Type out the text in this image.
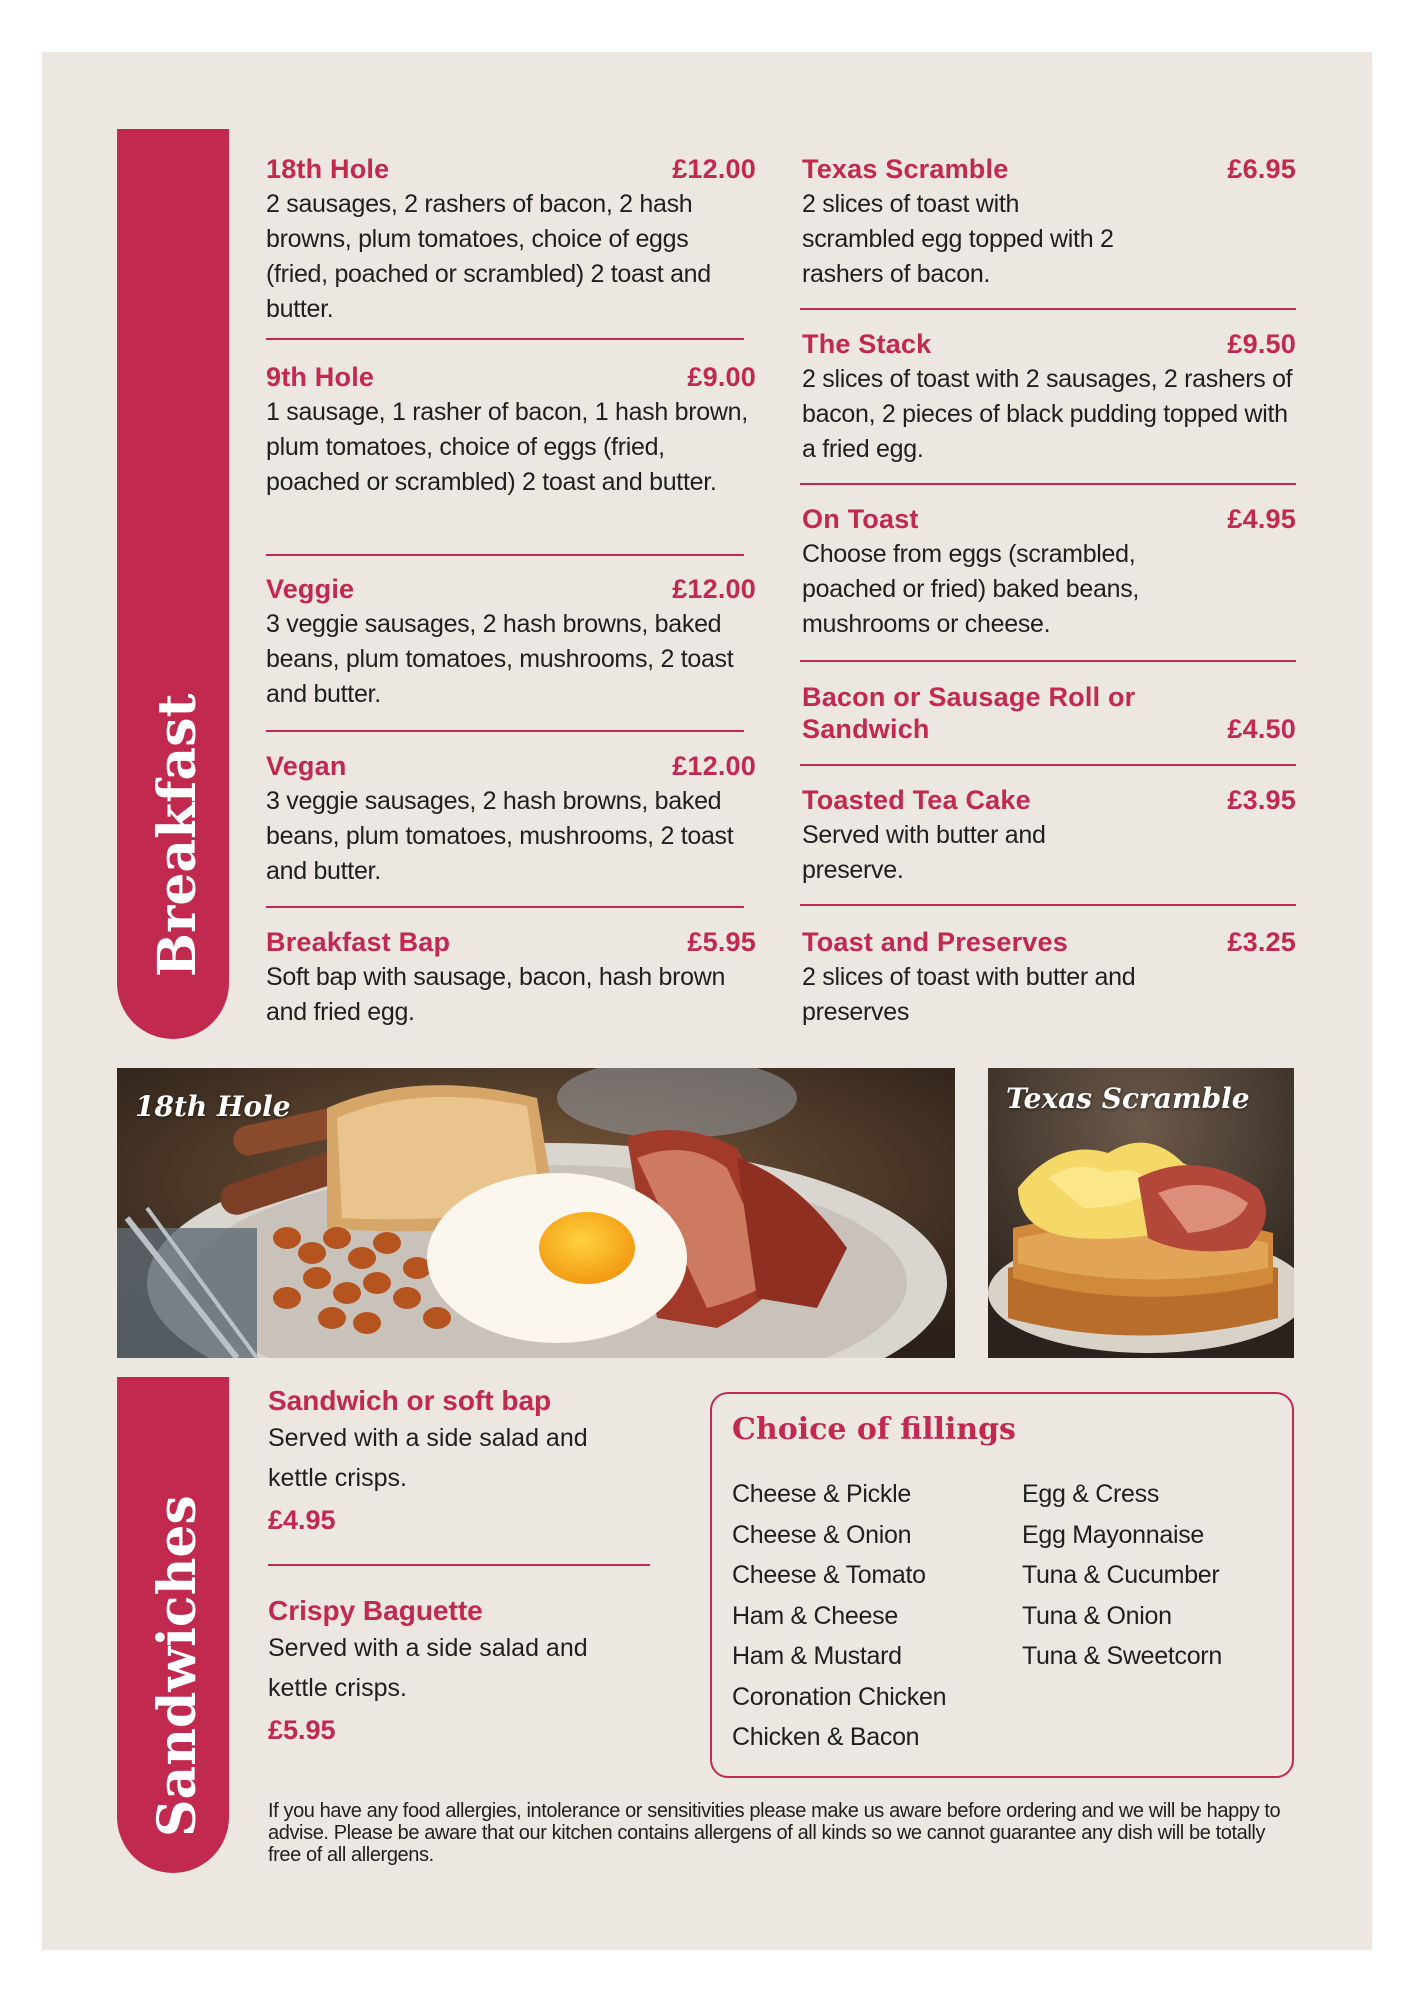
Breakfast
18th Hole	£12.00
2 sausages, 2 rashers of bacon, 2 hash browns, plum tomatoes, choice of eggs (fried, poached or scrambled) 2 toast and butter.
9th Hole	£9.00
1 sausage, 1 rasher of bacon, 1 hash brown, plum tomatoes, choice of eggs (fried, poached or scrambled) 2 toast and butter.
Veggie	£12.00
3 veggie sausages, 2 hash browns, baked beans, plum tomatoes, mushrooms, 2 toast and butter.
Vegan	£12.00
3 veggie sausages, 2 hash browns, baked beans, plum tomatoes, mushrooms, 2 toast and butter.
Breakfast Bap	£5.95
Soft bap with sausage, bacon, hash brown and fried egg.
Texas Scramble	£6.95
2 slices of toast with scrambled egg topped with 2 rashers of bacon.
The Stack	£9.50
2 slices of toast with 2 sausages, 2 rashers of bacon, 2 pieces of black pudding topped with a fried egg.
On Toast	£4.95
Choose from eggs (scrambled, poached or fried) baked beans, mushrooms or cheese.
Bacon or Sausage Roll or Sandwich	£4.50
Toasted Tea Cake	£3.95
Served with butter and preserve.
Toast and Preserves	£3.25
2 slices of toast with butter and preserves
18th Hole	Texas Scramble
Sandwiches
Sandwich or soft bap
Served with a side salad and kettle crisps.
£4.95
Crispy Baguette
Served with a side salad and kettle crisps.
£5.95
Choice of fillings
Cheese & Pickle
Cheese & Onion
Cheese & Tomato
Ham & Cheese
Ham & Mustard
Coronation Chicken
Chicken & Bacon
Egg & Cress
Egg Mayonnaise
Tuna & Cucumber
Tuna & Onion
Tuna & Sweetcorn
If you have any food allergies, intolerance or sensitivities please make us aware before ordering and we will be happy to advise. Please be aware that our kitchen contains allergens of all kinds so we cannot guarantee any dish will be totally free of all allergens.
